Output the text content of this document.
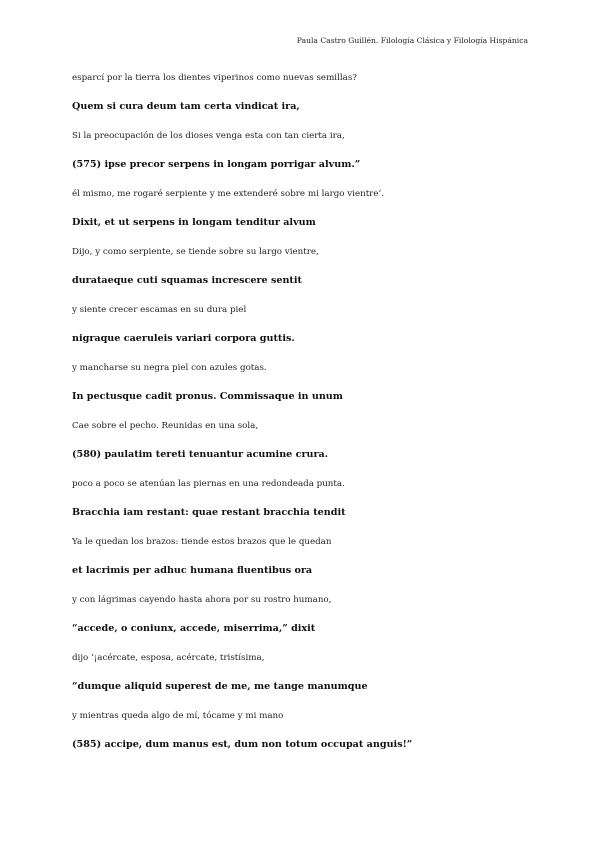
Paula Castro Guillén. Filología Clásica y Filología Hispánica
esparcí por la tierra los dientes viperinos como nuevas semillas?
Quem si cura deum tam certa vindicat ira,
Si la preocupación de los dioses venga esta con tan cierta ira,
(575) ipse precor serpens in longam porrigar alvum.”
él mismo, me rogaré serpiente y me extenderé sobre mi largo vientre’.
Dixit, et ut serpens in longam tenditur alvum
Dijo, y como serpiente, se tiende sobre su largo vientre,
durataeque cuti squamas increscere sentit
y siente crecer escamas en su dura piel
nigraque caeruleis variari corpora guttis.
y mancharse su negra piel con azules gotas.
In pectusque cadit pronus. Commissaque in unum
Cae sobre el pecho. Reunidas en una sola,
(580) paulatim tereti tenuantur acumine crura.
poco a poco se atenúan las piernas en una redondeada punta.
Bracchia iam restant: quae restant bracchia tendit
Ya le quedan los brazos: tiende estos brazos que le quedan
et lacrimis per adhuc humana fluentibus ora
y con lágrimas cayendo hasta ahora por su rostro humano,
“accede, o coniunx, accede, miserrima,” dixit
dijo ‘¡acércate, esposa, acércate, tristísima,
“dumque aliquid superest de me, me tange manumque
y mientras queda algo de mí, tócame y mi mano
(585) accipe, dum manus est, dum non totum occupat anguis!”
